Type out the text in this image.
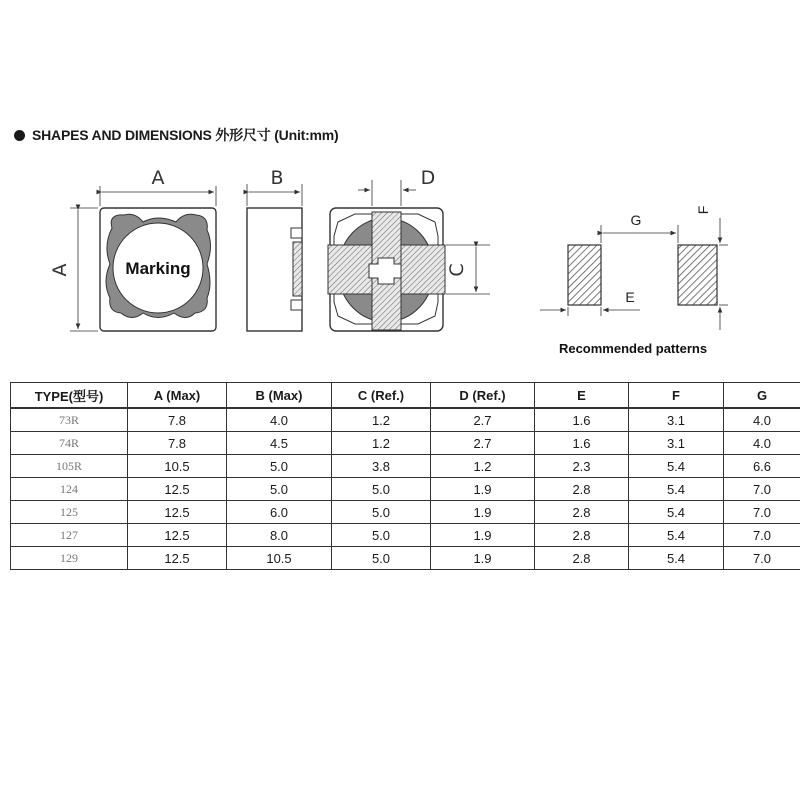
SHAPES AND DIMENSIONS 外形尺寸 (Unit:mm)
Marking
A
A
B	D
C
G
E
F
Recommended patterns
TYPE(型号)	A (Max)	B (Max)	C (Ref.)	D (Ref.)	E	F	G
73R	7.8	4.0	1.2	2.7	1.6	3.1	4.0
74R	7.8	4.5	1.2	2.7	1.6	3.1	4.0
105R	10.5	5.0	3.8	1.2	2.3	5.4	6.6
124	12.5	5.0	5.0	1.9	2.8	5.4	7.0
125	12.5	6.0	5.0	1.9	2.8	5.4	7.0
127	12.5	8.0	5.0	1.9	2.8	5.4	7.0
129	12.5	10.5	5.0	1.9	2.8	5.4	7.0
